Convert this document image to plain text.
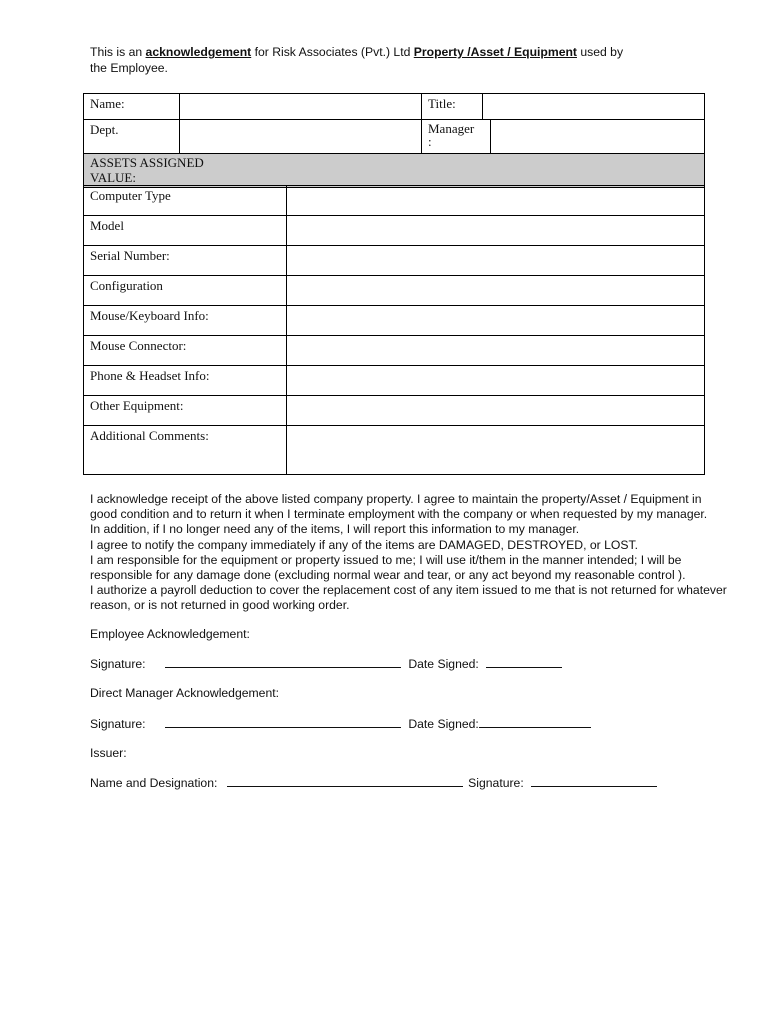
This is an acknowledgement for Risk Associates (Pvt.) Ltd Property /Asset / Equipment used by
the Employee.
Name:		Title:		
Dept.		Manager
:		

ASSETS ASSIGNED
VALUE:				
Computer Type	
Model	
Serial Number:	
Configuration	
Mouse/Keyboard Info:	
Mouse Connector:	
Phone & Headset Info:	
Other Equipment:	
Additional Comments:	
I acknowledge receipt of the above listed company property. I agree to maintain the property/Asset / Equipment in
good condition and to return it when I terminate employment with the company or when requested by my manager.
In addition, if I no longer need any of the items, I will report this information to my manager.
I agree to notify the company immediately if any of the items are DAMAGED, DESTROYED, or LOST.
I am responsible for the equipment or property issued to me; I will use it/them in the manner intended; I will be
responsible for any damage done (excluding normal wear and tear, or any act beyond my reasonable control ).
I authorize a payroll deduction to cover the replacement cost of any item issued to me that is not returned for whatever
reason, or is not returned in good working order.
Employee Acknowledgement:
Signature:	Date Signed:
Direct Manager Acknowledgement:
Signature:	Date Signed:
Issuer:
Name and Designation:	Signature:
